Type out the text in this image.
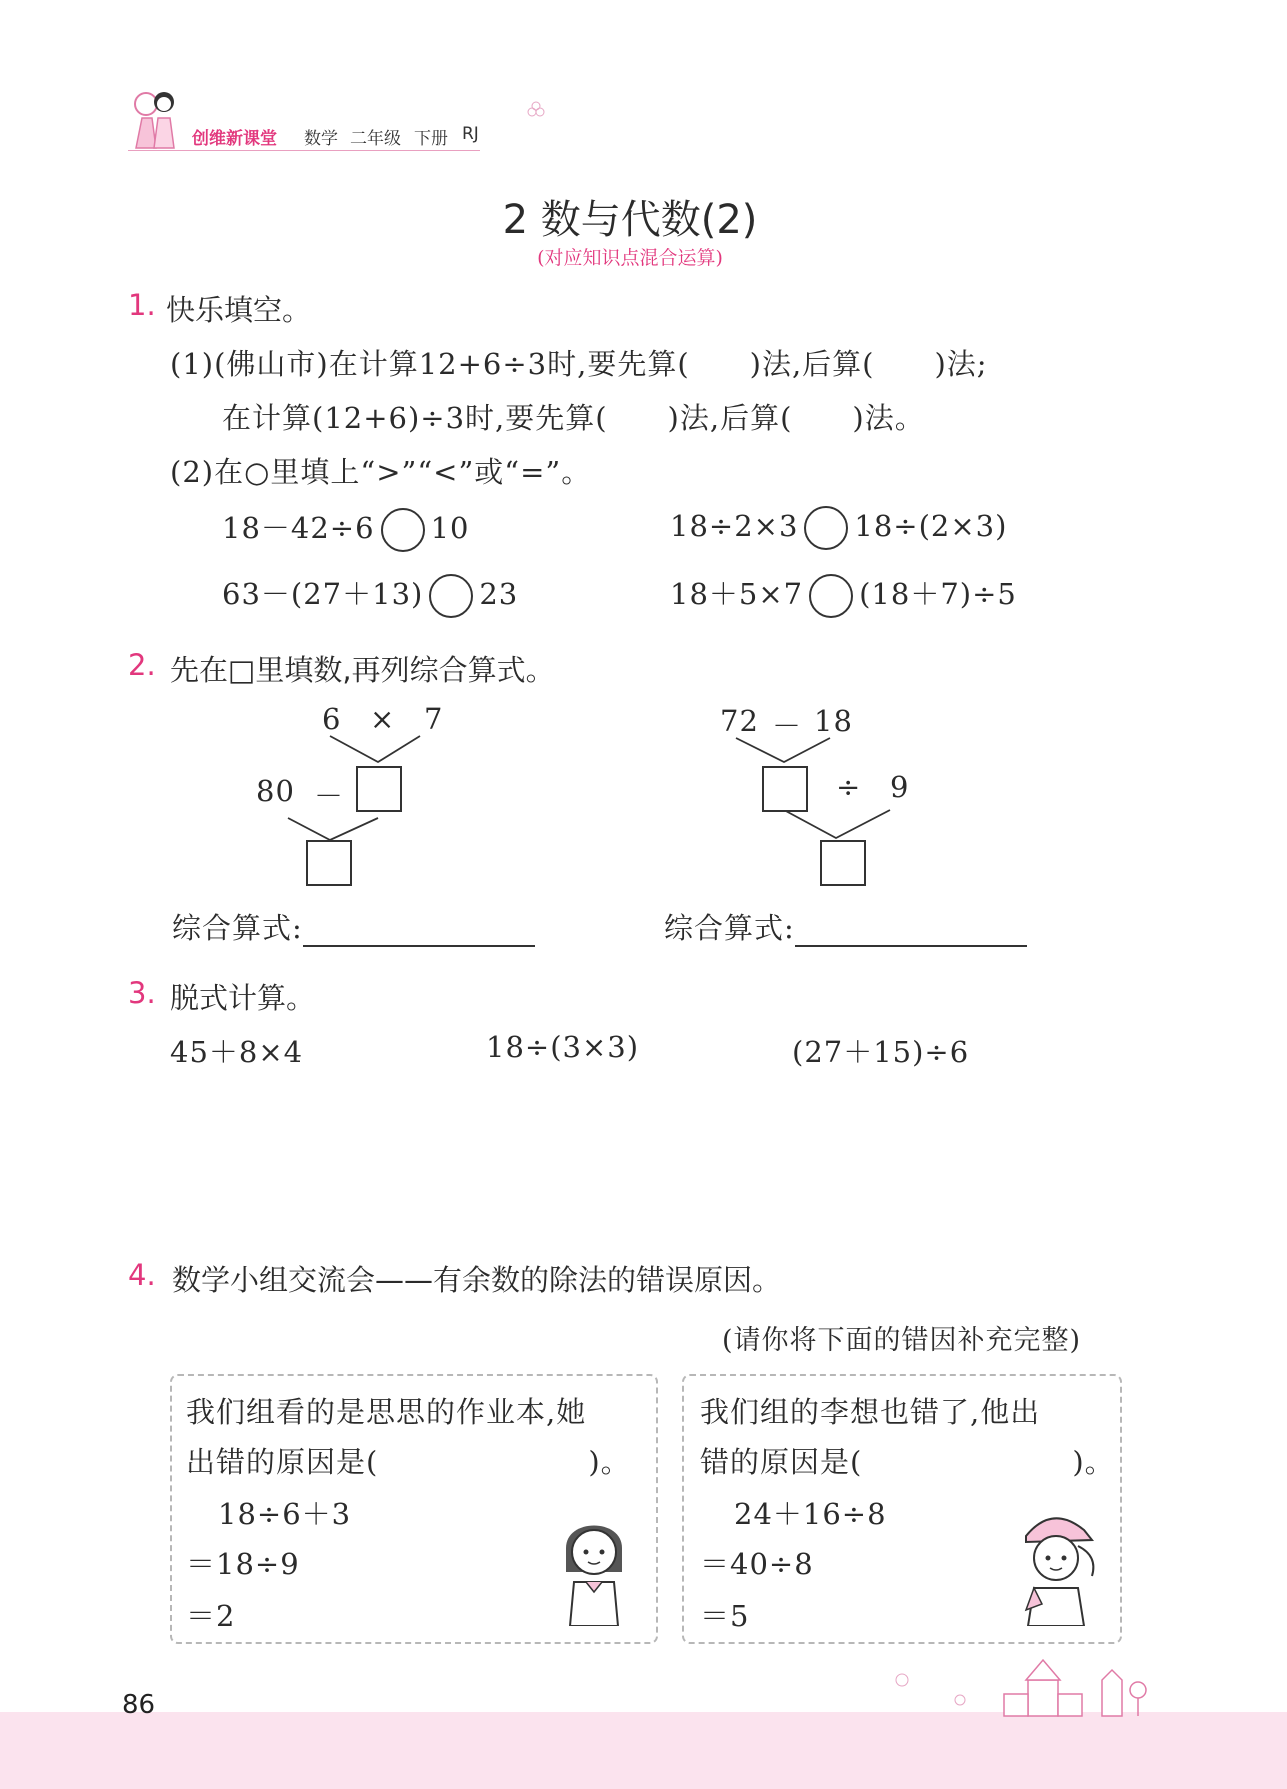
创维新课堂 数学 二年级 下册 RJ
2 数与代数(2)
(对应知识点混合运算)
1. 快乐填空。
(1)(佛山市)在计算12+6÷3时,要先算(　　)法,后算(　　)法;
在计算(12+6)÷3时,要先算(　　)法,后算(　　)法。
(2)在○里填上“>”“<”或“=”。
18－42÷6 10	18÷2×3 18÷(2×3)
63－(27＋13) 23	18＋5×7 (18＋7)÷5
2. 先在□里填数,再列综合算式。
6 × 7
80 －
72 － 18
÷ 9
综合算式:	综合算式:
3. 脱式计算。
45＋8×4	18÷(3×3)	(27＋15)÷6
4. 数学小组交流会——有余数的除法的错误原因。
(请你将下面的错因补充完整)
我们组看的是思思的作业本,她
出错的原因是(　　　　　　　)。
18÷6＋3
＝18÷9
＝2
我们组的李想也错了,他出
错的原因是(　　　　　　　)。
24＋16÷8
＝40÷8
＝5
86
